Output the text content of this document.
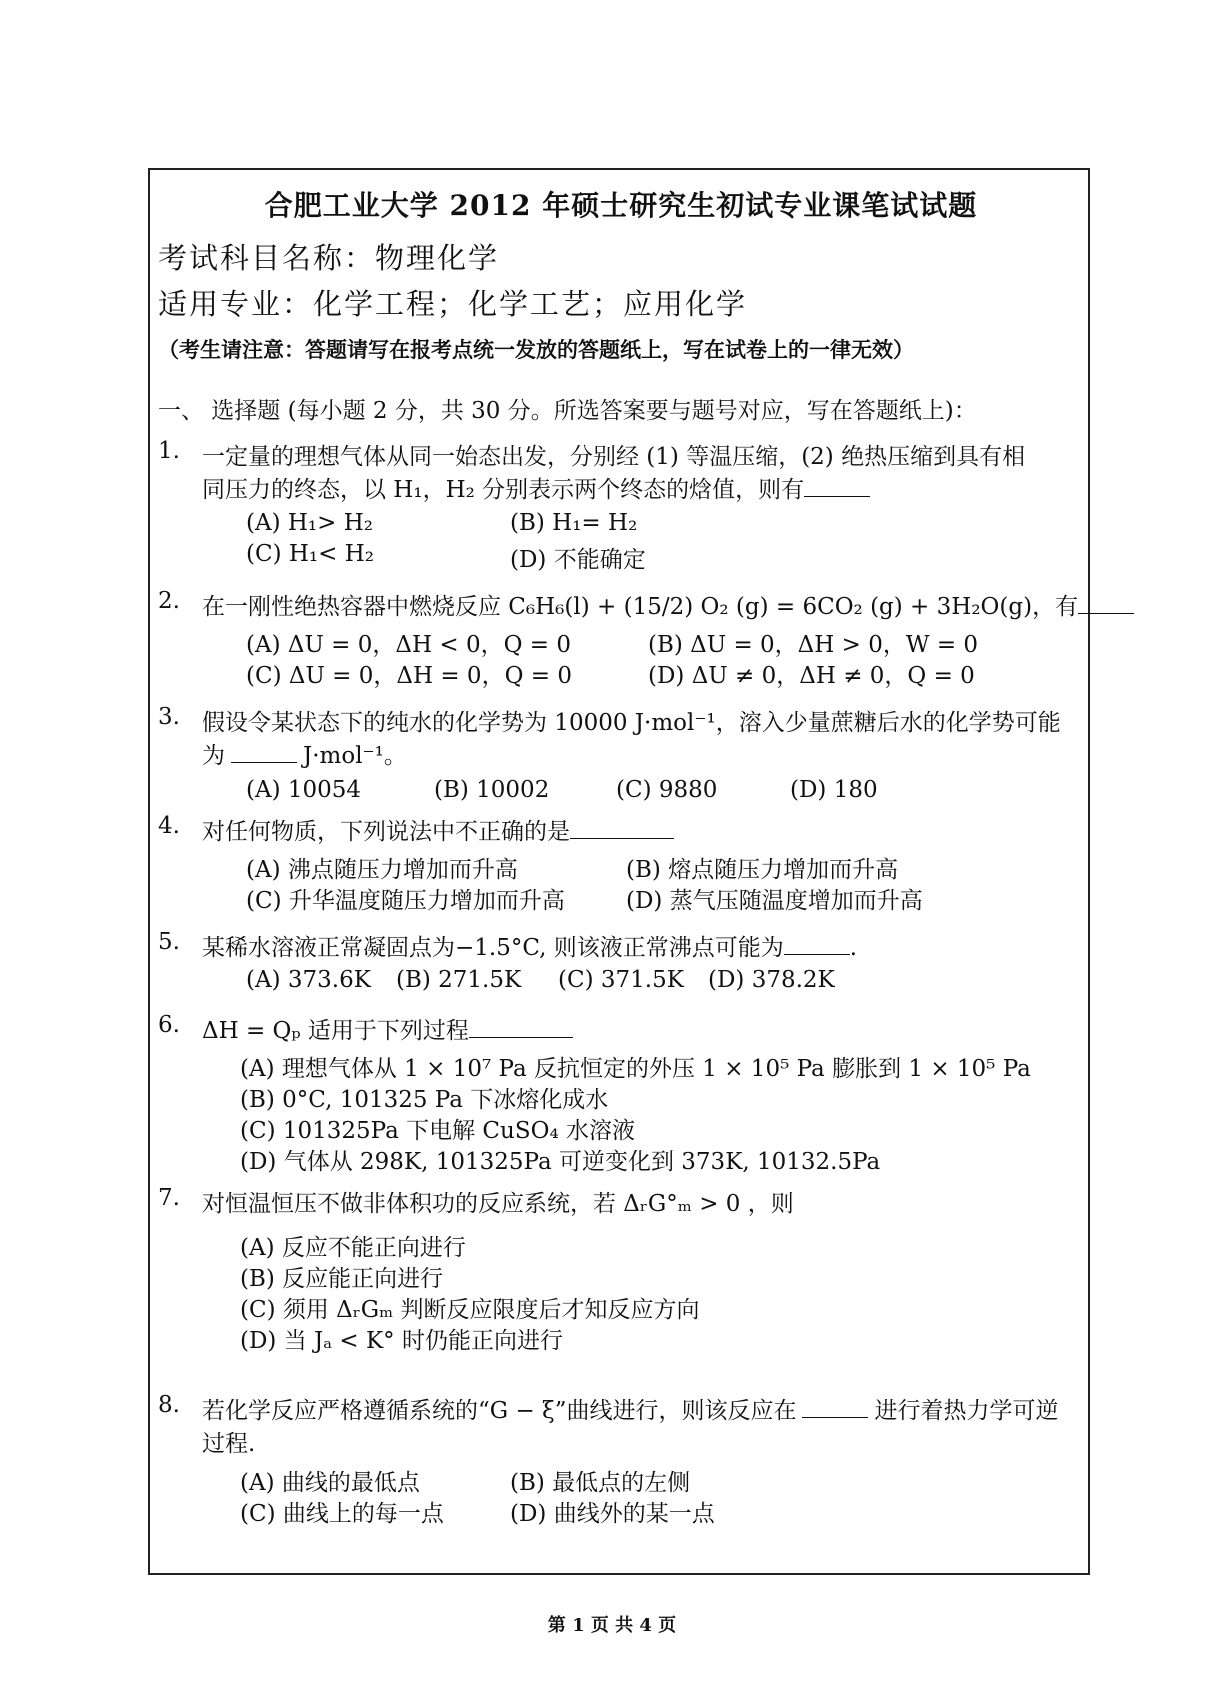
合肥工业大学 2012 年硕士研究生初试专业课笔试试题
考试科目名称：物理化学
适用专业：化学工程；化学工艺；应用化学
（考生请注意：答题请写在报考点统一发放的答题纸上，写在试卷上的一律无效）
一、 选择题 (每小题 2 分，共 30 分。所选答案要与题号对应，写在答题纸上)：
1. 一定量的理想气体从同一始态出发，分别经 (1) 等温压缩，(2) 绝热压缩到具有相
同压力的终态，以 H₁，H₂ 分别表示两个终态的焓值，则有
(A) H₁> H₂	(B) H₁= H₂
(C) H₁< H₂	(D) 不能确定
2. 在一刚性绝热容器中燃烧反应 C₆H₆(l) + (15/2) O₂ (g) = 6CO₂ (g) + 3H₂O(g)，有
(A) ΔU = 0，ΔH < 0，Q = 0	(B) ΔU = 0，ΔH > 0，W = 0
(C) ΔU = 0，ΔH = 0，Q = 0	(D) ΔU ≠ 0，ΔH ≠ 0，Q = 0
3. 假设令某状态下的纯水的化学势为 10000 J·mol⁻¹，溶入少量蔗糖后水的化学势可能
为	J·mol⁻¹。
(A) 10054	(B) 10002	(C) 9880	(D) 180
4. 对任何物质，下列说法中不正确的是
(A) 沸点随压力增加而升高	(B) 熔点随压力增加而升高
(C) 升华温度随压力增加而升高	(D) 蒸气压随温度增加而升高
5. 某稀水溶液正常凝固点为−1.5°C, 则该液正常沸点可能为	.
(A) 373.6K (B) 271.5K (C) 371.5K (D) 378.2K
6. ΔH = Qₚ 适用于下列过程
(A) 理想气体从 1 × 10⁷ Pa 反抗恒定的外压 1 × 10⁵ Pa 膨胀到 1 × 10⁵ Pa
(B) 0°C, 101325 Pa 下冰熔化成水
(C) 101325Pa 下电解 CuSO₄ 水溶液
(D) 气体从 298K, 101325Pa 可逆变化到 373K, 10132.5Pa
7. 对恒温恒压不做非体积功的反应系统，若 ΔᵣG°ₘ > 0 ，则
(A) 反应不能正向进行
(B) 反应能正向进行
(C) 须用 ΔᵣGₘ 判断反应限度后才知反应方向
(D) 当 Jₐ < K° 时仍能正向进行
8. 若化学反应严格遵循系统的“G − ξ”曲线进行，则该反应在	进行着热力学可逆
过程.
(A) 曲线的最低点	(B) 最低点的左侧
(C) 曲线上的每一点	(D) 曲线外的某一点
第 1 页 共 4 页
